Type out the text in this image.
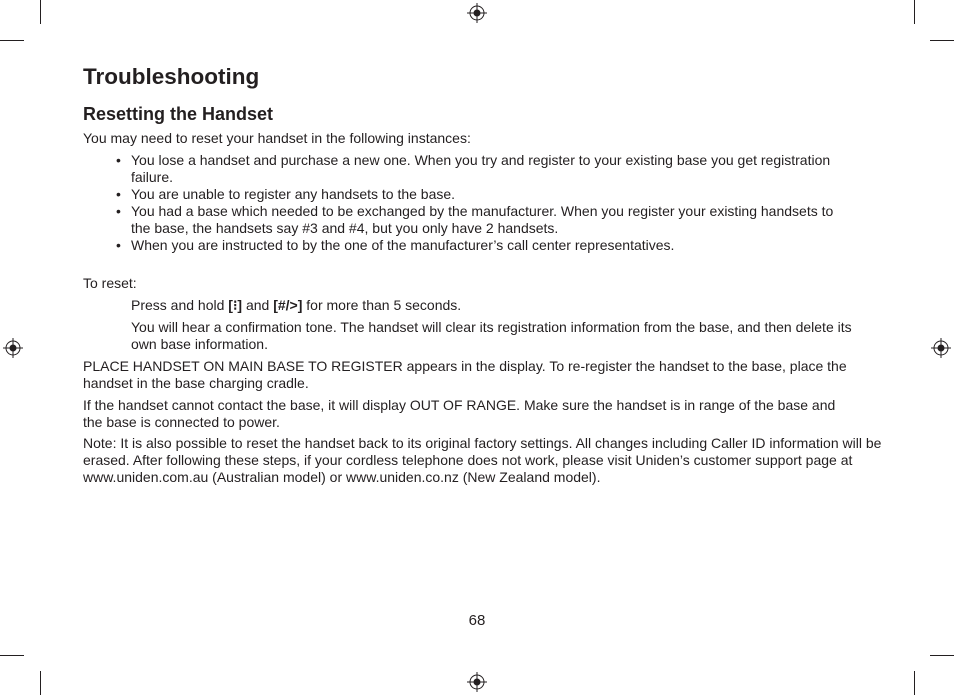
Troubleshooting
Resetting the Handset

You may need to reset your handset in the following instances:

• You lose a handset and purchase a new one. When you try and register to your existing base you get registration failure.
• You are unable to register any handsets to the base.
• You had a base which needed to be exchanged by the manufacturer. When you register your existing handsets to the base, the handsets say #3 and #4, but you only have 2 handsets.
• When you are instructed to by the one of the manufacturer’s call center representatives.

To reset:

Press and hold [⁝] and [#/>] for more than 5 seconds.

You will hear a confirmation tone. The handset will clear its registration information from the base, and then delete its own base information.

PLACE HANDSET ON MAIN BASE TO REGISTER appears in the display. To re-register the handset to the base, place the handset in the base charging cradle.

If the handset cannot contact the base, it will display OUT OF RANGE. Make sure the handset is in range of the base and the base is connected to power.

Note: It is also possible to reset the handset back to its original factory settings. All changes including Caller ID information will be erased. After following these steps, if your cordless telephone does not work, please visit Uniden’s customer support page at www.uniden.com.au (Australian model) or www.uniden.co.nz (New Zealand model).

68
